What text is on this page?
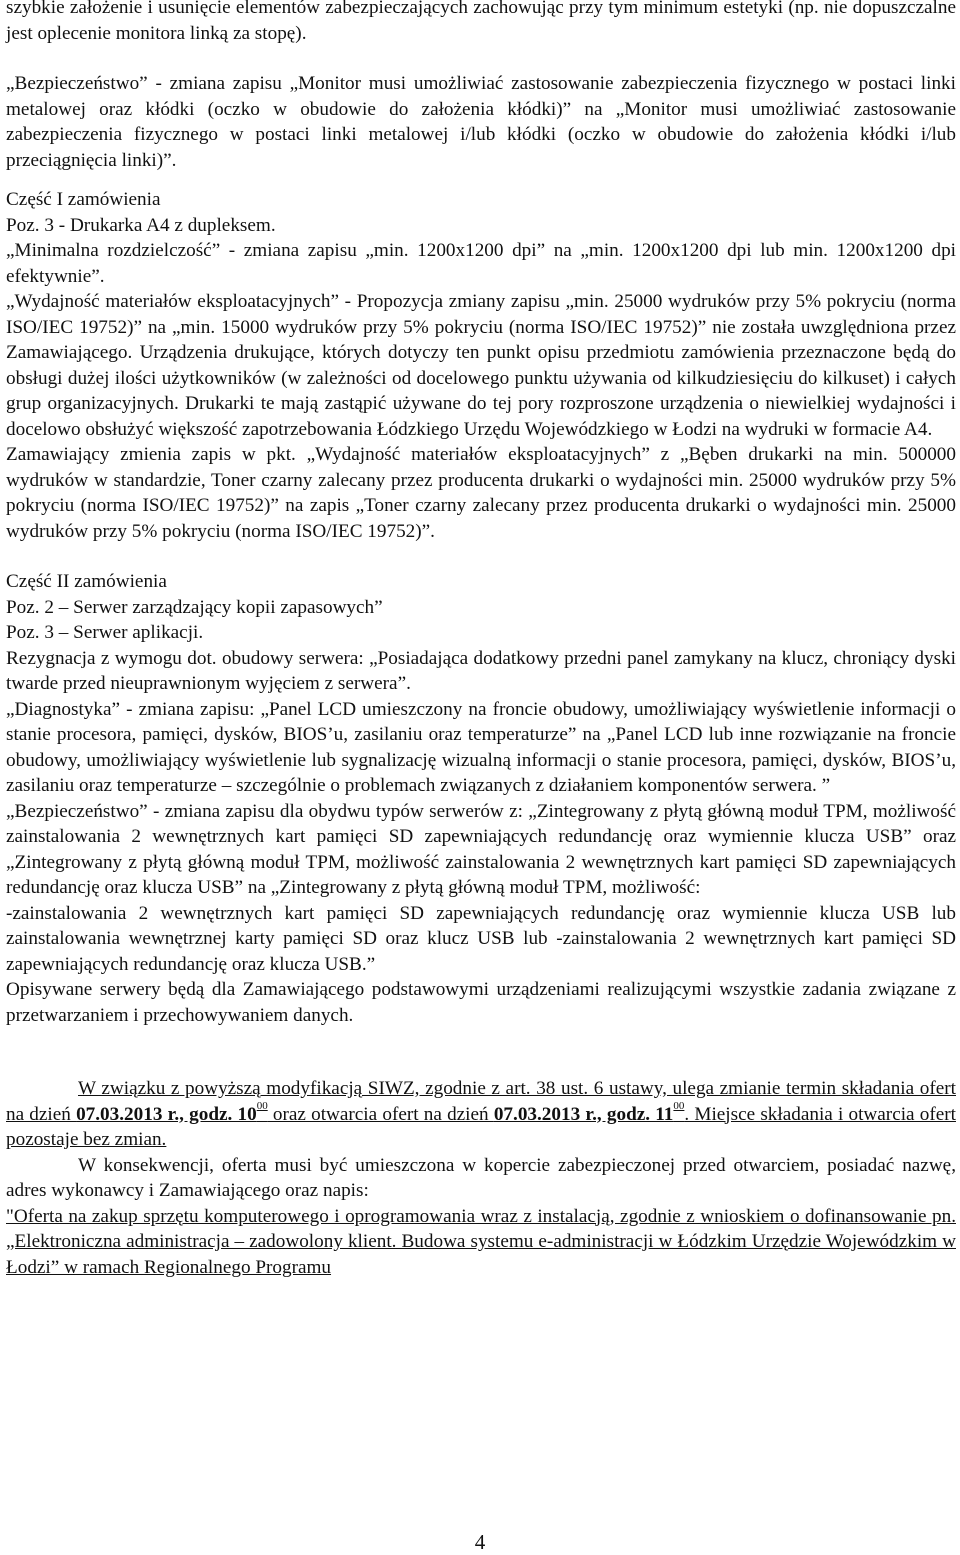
szybkie założenie i usunięcie elementów zabezpieczających zachowując przy tym minimum estetyki (np. nie dopuszczalne jest oplecenie monitora linką za stopę).

„Bezpieczeństwo” - zmiana zapisu „Monitor musi umożliwiać zastosowanie zabezpieczenia fizycznego w postaci linki metalowej oraz kłódki (oczko w obudowie do założenia kłódki)” na „Monitor musi umożliwiać zastosowanie zabezpieczenia fizycznego w postaci linki metalowej i/lub kłódki (oczko w obudowie do założenia kłódki i/lub przeciągnięcia linki)”.

Część I zamówienia

Poz. 3 - Drukarka A4 z dupleksem.

„Minimalna rozdzielczość” - zmiana zapisu „min. 1200x1200 dpi” na „min. 1200x1200 dpi lub min. 1200x1200 dpi efektywnie”.

„Wydajność materiałów eksploatacyjnych” - Propozycja zmiany zapisu „min. 25000 wydruków przy 5% pokryciu (norma ISO/IEC 19752)” na „min. 15000 wydruków przy 5% pokryciu (norma ISO/IEC 19752)” nie została uwzględniona przez Zamawiającego. Urządzenia drukujące, których dotyczy ten punkt opisu przedmiotu zamówienia przeznaczone będą do obsługi dużej ilości użytkowników (w zależności od docelowego punktu używania od kilkudziesięciu do kilkuset) i całych grup organizacyjnych. Drukarki te mają zastąpić używane do tej pory rozproszone urządzenia o niewielkiej wydajności i docelowo obsłużyć większość zapotrzebowania Łódzkiego Urzędu Wojewódzkiego w Łodzi na wydruki w formacie A4.

Zamawiający zmienia zapis w pkt. „Wydajność materiałów eksploatacyjnych” z „Bęben drukarki na min. 500000 wydruków w standardzie, Toner czarny zalecany przez producenta drukarki o wydajności min. 25000 wydruków przy 5% pokryciu (norma ISO/IEC 19752)” na zapis „Toner czarny zalecany przez producenta drukarki o wydajności min. 25000 wydruków przy 5% pokryciu (norma ISO/IEC 19752)”.

Część II zamówienia

Poz. 2 – Serwer zarządzający kopii zapasowych”

Poz. 3 – Serwer aplikacji.

Rezygnacja z wymogu dot. obudowy serwera: „Posiadająca dodatkowy przedni panel zamykany na klucz, chroniący dyski twarde przed nieuprawnionym wyjęciem z serwera”.

„Diagnostyka” - zmiana zapisu: „Panel LCD umieszczony na froncie obudowy, umożliwiający wyświetlenie informacji o stanie procesora, pamięci, dysków, BIOS’u, zasilaniu oraz temperaturze” na „Panel LCD lub inne rozwiązanie na froncie obudowy, umożliwiający wyświetlenie lub sygnalizację wizualną informacji o stanie procesora, pamięci, dysków, BIOS’u, zasilaniu oraz temperaturze – szczególnie o problemach związanych z działaniem komponentów serwera. ”

„Bezpieczeństwo” - zmiana zapisu dla obydwu typów serwerów z: „Zintegrowany z płytą główną moduł TPM, możliwość zainstalowania 2 wewnętrznych kart pamięci SD zapewniających redundancję oraz wymiennie klucza USB” oraz „Zintegrowany z płytą główną moduł TPM, możliwość zainstalowania 2 wewnętrznych kart pamięci SD zapewniających redundancję oraz klucza USB” na „Zintegrowany z płytą główną moduł TPM, możliwość:

-zainstalowania 2 wewnętrznych kart pamięci SD zapewniających redundancję oraz wymiennie klucza USB lub zainstalowania wewnętrznej karty pamięci SD oraz klucz USB lub -zainstalowania 2 wewnętrznych kart pamięci SD zapewniających redundancję oraz klucza USB.”

Opisywane serwery będą dla Zamawiającego podstawowymi urządzeniami realizującymi wszystkie zadania związane z przetwarzaniem i przechowywaniem danych.

W związku z powyższą modyfikacją SIWZ, zgodnie z art. 38 ust. 6 ustawy, ulega zmianie termin składania ofert na dzień 07.03.2013 r., godz. $10^{00}$ oraz otwarcia ofert na dzień 07.03.2013 r., godz. $11^{00}$. Miejsce składania i otwarcia ofert pozostaje bez zmian.

W konsekwencji, oferta musi być umieszczona w kopercie zabezpieczonej przed otwarciem, posiadać nazwę, adres wykonawcy i Zamawiającego oraz napis:

"Oferta na zakup sprzętu komputerowego i oprogramowania wraz z instalacją, zgodnie z wnioskiem o dofinansowanie pn. „Elektroniczna administracja – zadowolony klient. Budowa systemu e-administracji w Łódzkim Urzędzie Wojewódzkim w Łodzi” w ramach Regionalnego Programu

4
